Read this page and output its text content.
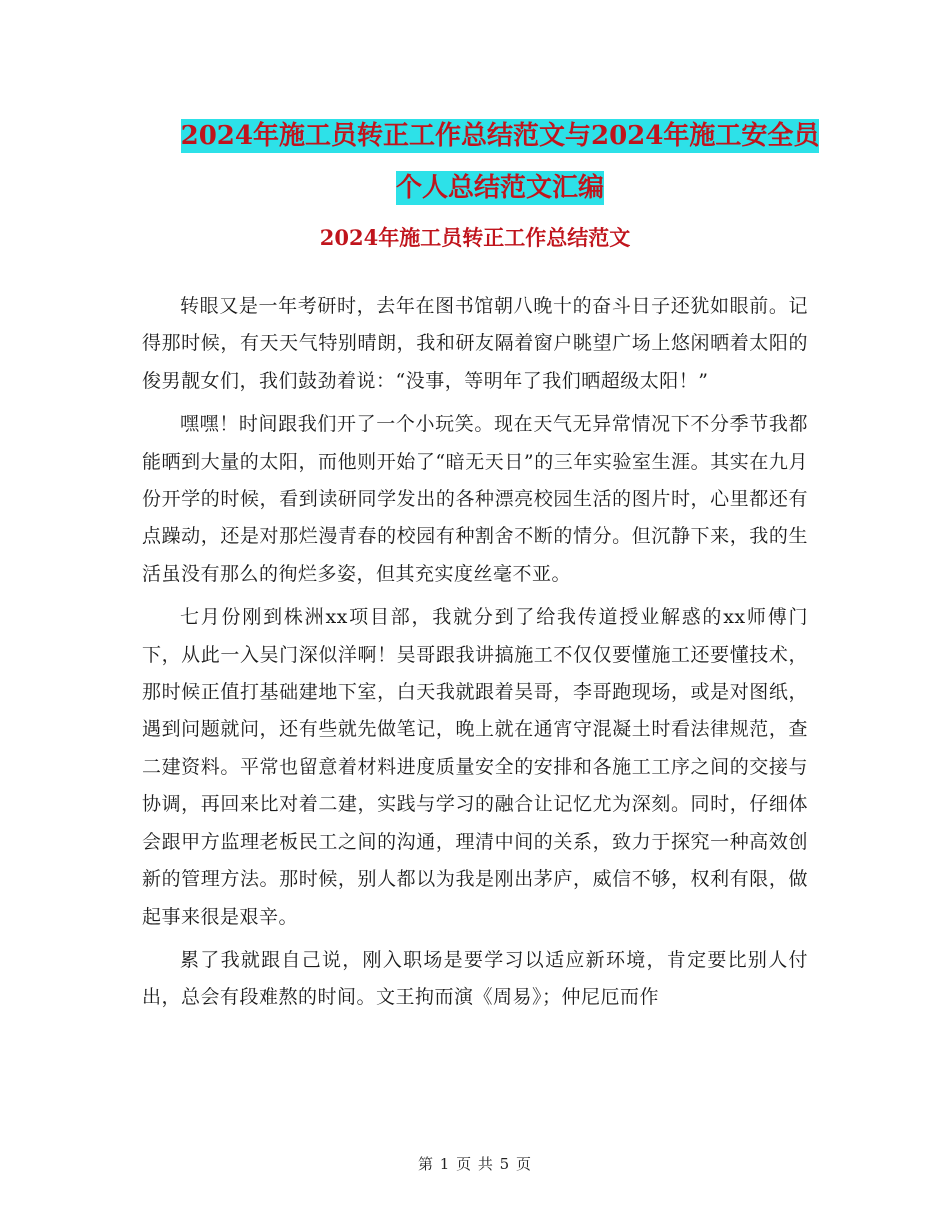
2024年施工员转正工作总结范文与2024年施工安全员
个人总结范文汇编
2024年施工员转正工作总结范文

转眼又是一年考研时，去年在图书馆朝八晚十的奋斗日子还犹如眼前。记得那时候，有天天气特别晴朗，我和研友隔着窗户眺望广场上悠闲晒着太阳的俊男靓女们，我们鼓劲着说：“没事，等明年了我们晒超级太阳！”

嘿嘿！时间跟我们开了一个小玩笑。现在天气无异常情况下不分季节我都能晒到大量的太阳，而他则开始了“暗无天日”的三年实验室生涯。其实在九月份开学的时候，看到读研同学发出的各种漂亮校园生活的图片时，心里都还有点躁动，还是对那烂漫青春的校园有种割舍不断的情分。但沉静下来，我的生活虽没有那么的徇烂多姿，但其充实度丝毫不亚。

七月份刚到株洲xx项目部，我就分到了给我传道授业解惑的xx师傅门下，从此一入吴门深似洋啊！吴哥跟我讲搞施工不仅仅要懂施工还要懂技术，那时候正值打基础建地下室，白天我就跟着吴哥，李哥跑现场，或是对图纸，遇到问题就问，还有些就先做笔记，晚上就在通宵守混凝土时看法律规范，查二建资料。平常也留意着材料进度质量安全的安排和各施工工序之间的交接与协调，再回来比对着二建，实践与学习的融合让记忆尤为深刻。同时，仔细体会跟甲方监理老板民工之间的沟通，理清中间的关系，致力于探究一种高效创新的管理方法。那时候，别人都以为我是刚出茅庐，威信不够，权利有限，做起事来很是艰辛。

累了我就跟自己说，刚入职场是要学习以适应新环境，肯定要比别人付出，总会有段难熬的时间。文王拘而演《周易》；仲尼厄而作

第 1 页 共 5 页
